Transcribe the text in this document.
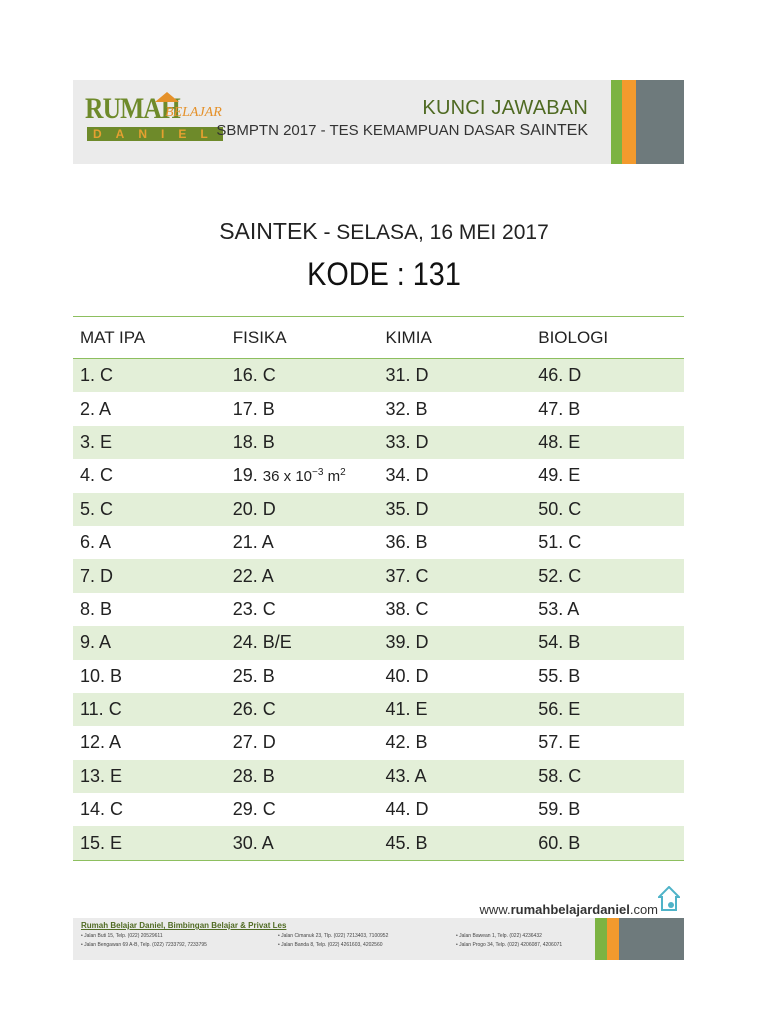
RUMAH
BELAJAR
DANIEL
KUNCI JAWABAN
SBMPTN 2017 - TES KEMAMPUAN DASAR SAINTEK
SAINTEK - SELASA, 16 MEI 2017
KODE : 131
MAT IPA	FISIKA	KIMIA	BIOLOGI
1. C	16. C	31. D	46. D
2. A	17. B	32. B	47. B
3. E	18. B	33. D	48. E
4. C	19. 36 x $10^{-3}$ $m^2$	34. D	49. E
5. C	20. D	35. D	50. C
6. A	21. A	36. B	51. C
7. D	22. A	37. C	52. C
8. B	23. C	38. C	53. A
9. A	24. B/E	39. D	54. B
10. B	25. B	40. D	55. B
11. C	26. C	41. E	56. E
12. A	27. D	42. B	57. E
13. E	28. B	43. A	58. C
14. C	29. C	44. D	59. B
15. E	30. A	45. B	60. B
www.rumahbelajardaniel.com
Rumah Belajar Daniel, Bimbingan Belajar & Privat Les
• Jalan Buti 15, Telp. (022) 20529611
• Jalan Bengawan 69 A-B, Telp. (022) 7233792, 7233795
• Jalan Cimanuk 23, Tlp. (022) 7213403, 7100952
• Jalan Banda 8, Telp. (022) 4261603, 4202560
• Jalan Bawean 1, Telp. (022) 4236432
• Jalan Progo 34, Telp. (022) 4206087, 4206071
